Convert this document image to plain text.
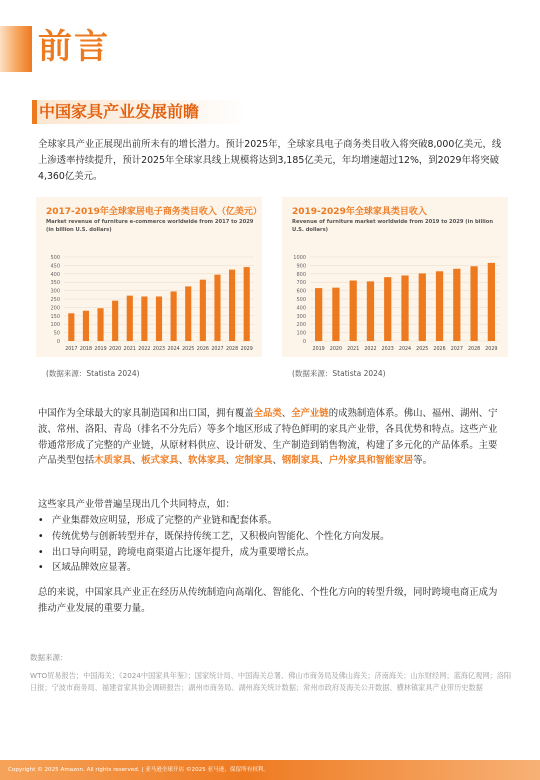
前言
中国家具产业发展前瞻

全球家具产业正展现出前所未有的增长潜力。预计2025年，全球家具电子商务类目收入将突破8,000亿美元，线上渗透率持续提升，预计2025年全球家具线上规模将达到3,185亿美元，年均增速超过12%，到2029年将突破4,360亿美元。

2017-2019年全球家居电子商务类目收入（亿美元）
Market revenue of furniture e-commerce worldwide from 2017 to 2029 (in billion U.S. dollars)
0
50
100
150
200
250
300
350
400
450
500
2017 2018 2019 2020 2021 2022 2023 2024 2025 2026 2027 2028 2029
2019-2029年全球家具类目收入
Revenue of furniture market worldwide from 2019 to 2029 (in billion U.S. dollars)
0
100
200
300
400
500
600
700
800
900
1000
2019 2020 2021 2022 2023 2024 2025 2026 2027 2028 2029
(数据来源：Statista 2024)	(数据来源：Statista 2024)

中国作为全球最大的家具制造国和出口国，拥有覆盖全品类、全产业链的成熟制造体系。佛山、福州、湖州、宁波、常州、洛阳、青岛（排名不分先后）等多个地区形成了特色鲜明的家具产业带，各具优势和特点。这些产业带通常形成了完整的产业链，从原材料供应、设计研发、生产制造到销售物流，构建了多元化的产品体系。主要产品类型包括木质家具、板式家具、软体家具、定制家具、钢制家具、户外家具和智能家居等。

这些家具产业带普遍呈现出几个共同特点，如：

• 产业集群效应明显，形成了完整的产业链和配套体系。
• 传统优势与创新转型并存，既保持传统工艺，又积极向智能化、个性化方向发展。
• 出口导向明显，跨境电商渠道占比逐年提升，成为重要增长点。
• 区域品牌效应显著。

总的来说，中国家具产业正在经历从传统制造向高端化、智能化、个性化方向的转型升级，同时跨境电商正成为推动产业发展的重要力量。

数据来源：

WTO贸易报告；中国海关；《2024中国家具年鉴》；国家统计局、中国海关总署、佛山市商务局及佛山海关；济南海关；山东财经网；蓝海亿观网；洛阳日报；宁波市商务局、福建省家具协会调研报告；湖州市商务局、湖州海关统计数据；常州市政府及海关公开数据、横林镇家具产业带历史数据

Copyright © 2025 Amazon. All rights reserved. | 亚马逊全球开店 ©2025 亚马逊，保留所有权利。
